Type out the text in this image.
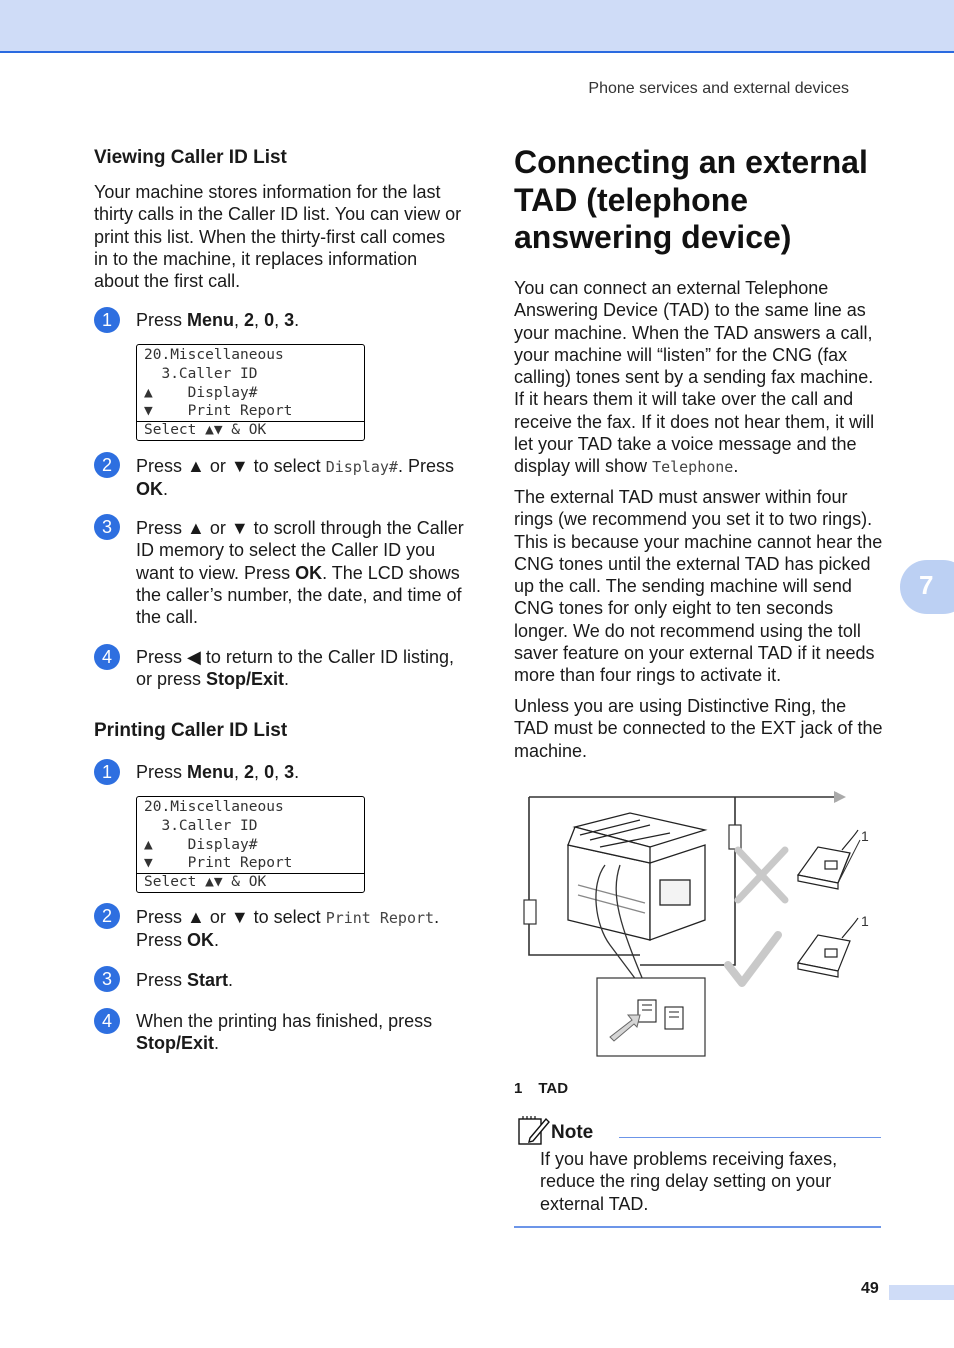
Phone services and external devices
7
Viewing Caller ID List
Your machine stores information for the last thirty calls in the Caller ID list. You can view or print this list. When the thirty-first call comes in to the machine, it replaces information about the first call.
1	Press Menu, 2, 0, 3.
20.Miscellaneous
3.Caller ID
▲    Display#
▼    Print Report
Select ▲▼ & OK
2	Press ▲ or ▼ to select Display#. Press OK.
3	Press ▲ or ▼ to scroll through the Caller ID memory to select the Caller ID you want to view. Press OK. The LCD shows the caller’s number, the date, and time of the call.
4	Press ◀ to return to the Caller ID listing, or press Stop/Exit.
Printing Caller ID List
1	Press Menu, 2, 0, 3.
20.Miscellaneous
3.Caller ID
▲    Display#
▼    Print Report
Select ▲▼ & OK
2	Press ▲ or ▼ to select Print Report. Press OK.
3	Press Start.
4	When the printing has finished, press Stop/Exit.
Connecting an external TAD (telephone answering device)
You can connect an external Telephone Answering Device (TAD) to the same line as your machine. When the TAD answers a call, your machine will “listen” for the CNG (fax calling) tones sent by a sending fax machine. If it hears them it will take over the call and receive the fax. If it does not hear them, it will let your TAD take a voice message and the display will show Telephone.
The external TAD must answer within four rings (we recommend you set it to two rings). This is because your machine cannot hear the CNG tones until the external TAD has picked up the call. The sending machine will send CNG tones for only eight to ten seconds longer. We do not recommend using the toll saver feature on your external TAD if it needs more than four rings to activate it.
Unless you are using Distinctive Ring, the TAD must be connected to the EXT jack of the machine.
1
1
1 TAD
Note
If you have problems receiving faxes, reduce the ring delay setting on your external TAD.
49
